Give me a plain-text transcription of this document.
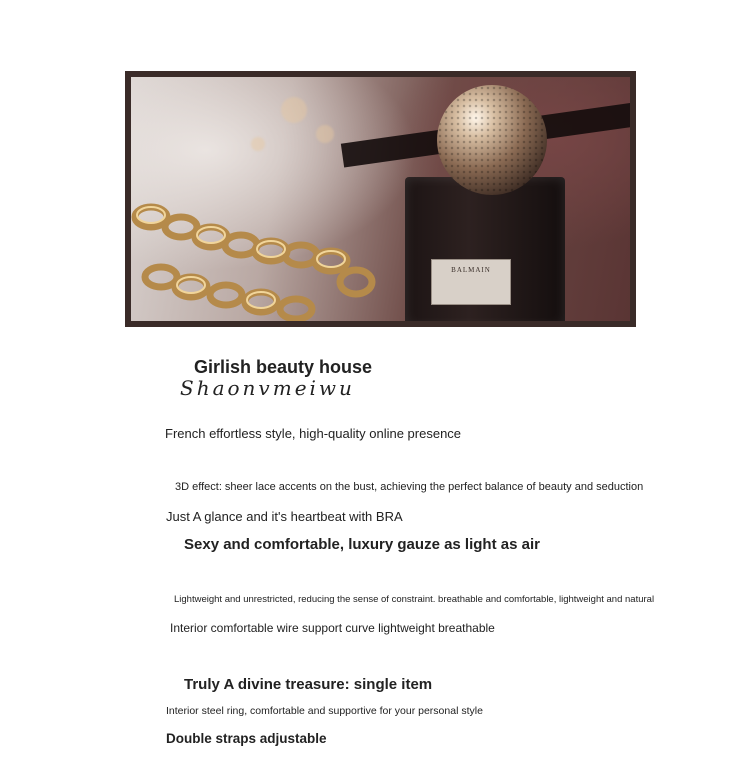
BALMAIN
Girlish beauty house
Shaonvmeiwu
French effortless style, high-quality online presence
3D effect: sheer lace accents on the bust, achieving the perfect balance of beauty and seduction
Just A glance and it's heartbeat with BRA
Sexy and comfortable, luxury gauze as light as air
Lightweight and unrestricted, reducing the sense of constraint. breathable and comfortable, lightweight and natural
Interior comfortable wire support curve lightweight breathable
Truly A divine treasure: single item
Interior steel ring, comfortable and supportive for your personal style
Double straps adjustable
